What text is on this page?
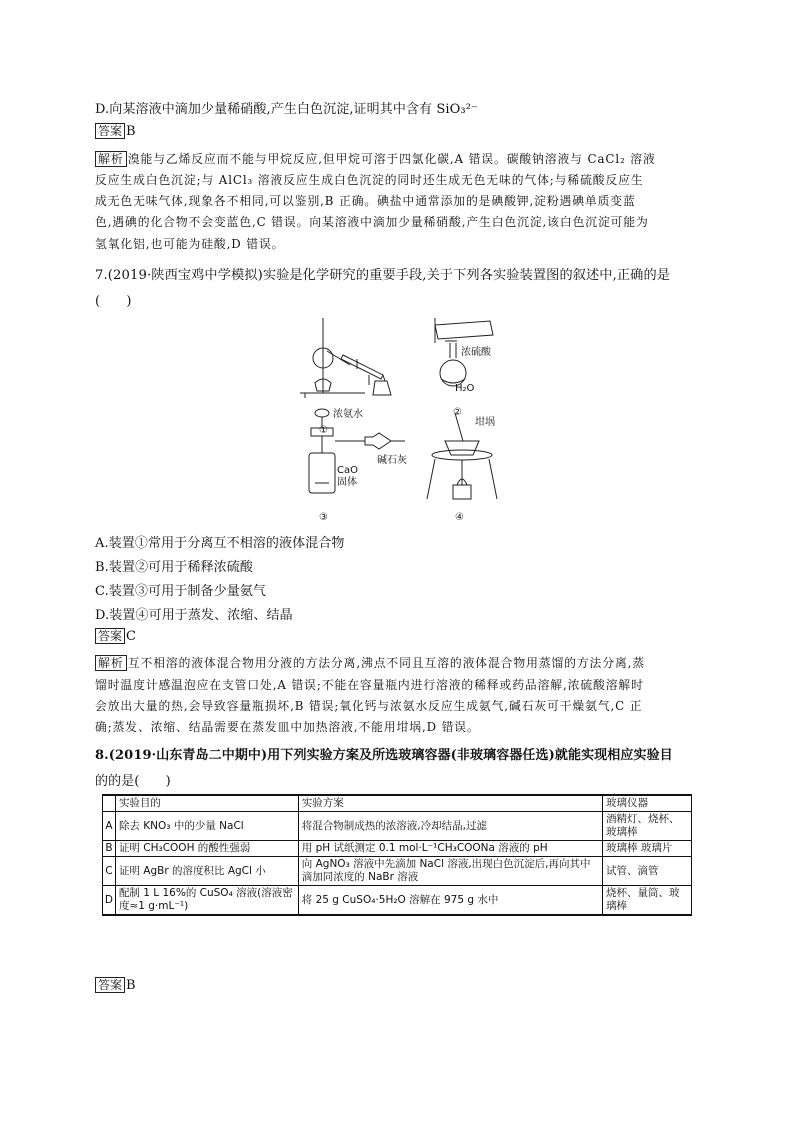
D.向某溶液中滴加少量稀硝酸,产生白色沉淀,证明其中含有 SiO₃²⁻
答案 B
解析 溴能与乙烯反应而不能与甲烷反应,但甲烷可溶于四氯化碳,A 错误。碳酸钠溶液与 CaCl₂ 溶液
反应生成白色沉淀;与 AlCl₃ 溶液反应生成白色沉淀的同时还生成无色无味的气体;与稀硫酸反应生
成无色无味气体,现象各不相同,可以鉴别,B 正确。碘盐中通常添加的是碘酸钾,淀粉遇碘单质变蓝
色,遇碘的化合物不会变蓝色,C 错误。向某溶液中滴加少量稀硝酸,产生白色沉淀,该白色沉淀可能为
氢氧化铝,也可能为硅酸,D 错误。
7.(2019·陕西宝鸡中学模拟)实验是化学研究的重要手段,关于下列各实验装置图的叙述中,正确的是
(　　)
①
②
③	④
浓硫酸
H₂O
浓氨水
碱石灰
CaO
固体
坩埚
A.装置①常用于分离互不相溶的液体混合物
B.装置②可用于稀释浓硫酸
C.装置③可用于制备少量氨气
D.装置④可用于蒸发、浓缩、结晶
答案 C
解析 互不相溶的液体混合物用分液的方法分离,沸点不同且互溶的液体混合物用蒸馏的方法分离,蒸
馏时温度计感温泡应在支管口处,A 错误;不能在容量瓶内进行溶液的稀释或药品溶解,浓硫酸溶解时
会放出大量的热,会导致容量瓶损坏,B 错误;氧化钙与浓氨水反应生成氨气,碱石灰可干燥氨气,C 正
确;蒸发、浓缩、结晶需要在蒸发皿中加热溶液,不能用坩埚,D 错误。
8.(2019·山东青岛二中期中)用下列实验方案及所选玻璃容器(非玻璃容器任选)就能实现相应实验目
的的是(　　)
	实验目的	实验方案	玻璃仪器
A	除去 KNO₃ 中的少量 NaCl	将混合物制成热的浓溶液,冷却结晶,过滤	酒精灯、烧杯、玻璃棒
B	证明 CH₃COOH 的酸性强弱	用 pH 试纸测定 0.1 mol·L⁻¹CH₃COONa 溶液的 pH	玻璃棒 玻璃片
C	证明 AgBr 的溶度积比 AgCl 小	向 AgNO₃ 溶液中先滴加 NaCl 溶液,出现白色沉淀后,再向其中滴加同浓度的 NaBr 溶液	试管、滴管
D	配制 1 L 16%的 CuSO₄ 溶液(溶液密度≈1 g·mL⁻¹)	将 25 g CuSO₄·5H₂O 溶解在 975 g 水中	烧杯、量筒、玻璃棒
答案 B
